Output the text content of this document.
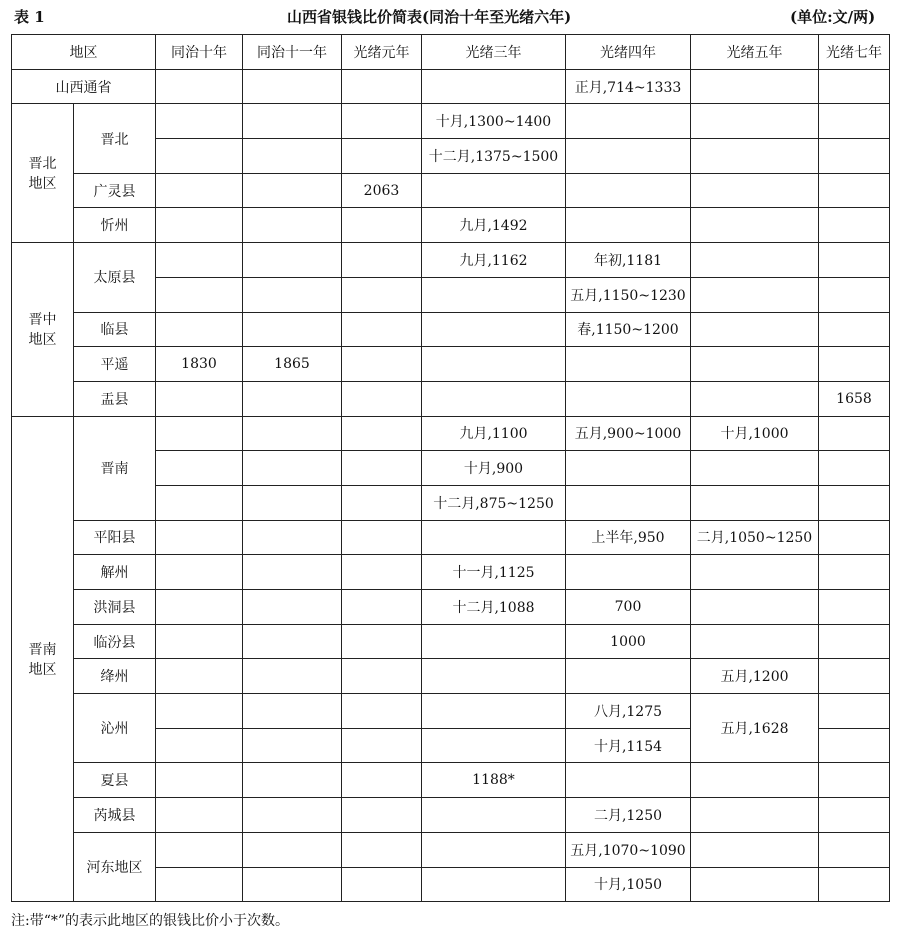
表 1	山西省银钱比价简表(同治十年至光绪六年)	(单位:文/两)
地区		同治十年	同治十一年	光绪元年	光绪三年	光绪四年	光绪五年	光绪七年
山西通省						正月,714~1333		
晋北
地区	晋北				十月,1300~1400			
					十二月,1375~1500			
	广灵县			2063				
	忻州				九月,1492			
晋中
地区	太原县				九月,1162	年初,1181		
						五月,1150~1230		
	临县					春,1150~1200		
	平遥	1830	1865					
	盂县							1658
晋南
地区	晋南				九月,1100	五月,900~1000	十月,1000	
					十月,900			
					十二月,875~1250			
	平阳县					上半年,950	二月,1050~1250	
	解州				十一月,1125			
	洪洞县				十二月,1088	700		
	临汾县					1000		
	绛州						五月,1200	
	沁州					八月,1275	五月,1628	
						十月,1154		
	夏县				1188*			
	芮城县					二月,1250		
	河东地区					五月,1070~1090		
						十月,1050		
注:带“*”的表示此地区的银钱比价小于次数。
